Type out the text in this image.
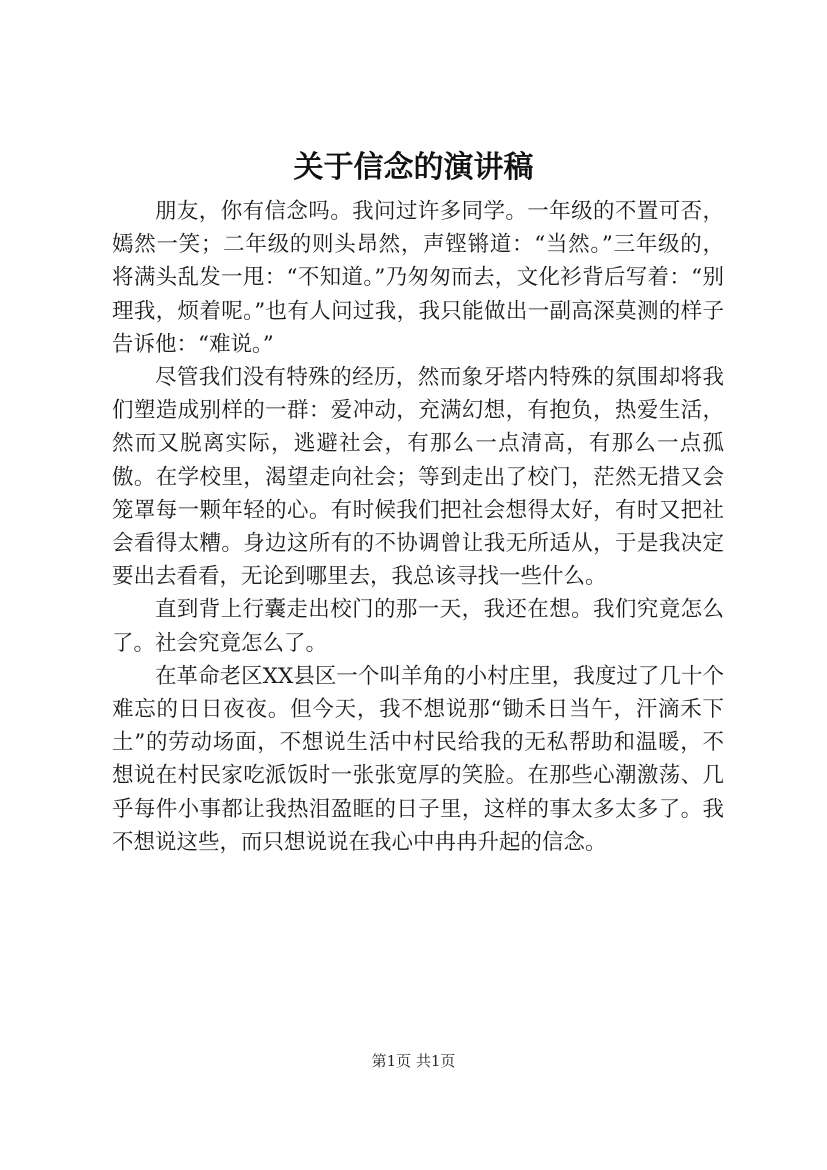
关于信念的演讲稿

朋友，你有信念吗。我问过许多同学。一年级的不置可否，嫣然一笑；二年级的则头昂然，声铿锵道：“当然。”三年级的，将满头乱发一甩：“不知道。”乃匆匆而去，文化衫背后写着：“别理我，烦着呢。”也有人问过我，我只能做出一副高深莫测的样子告诉他：“难说。”

尽管我们没有特殊的经历，然而象牙塔内特殊的氛围却将我们塑造成别样的一群：爱冲动，充满幻想，有抱负，热爱生活，然而又脱离实际，逃避社会，有那么一点清高，有那么一点孤傲。在学校里，渴望走向社会；等到走出了校门，茫然无措又会笼罩每一颗年轻的心。有时候我们把社会想得太好，有时又把社会看得太糟。身边这所有的不协调曾让我无所适从，于是我决定要出去看看，无论到哪里去，我总该寻找一些什么。

直到背上行囊走出校门的那一天，我还在想。我们究竟怎么了。社会究竟怎么了。

在革命老区XX县区一个叫羊角的小村庄里，我度过了几十个难忘的日日夜夜。但今天，我不想说那“锄禾日当午，汗滴禾下土”的劳动场面，不想说生活中村民给我的无私帮助和温暖，不想说在村民家吃派饭时一张张宽厚的笑脸。在那些心潮激荡、几乎每件小事都让我热泪盈眶的日子里，这样的事太多太多了。我不想说这些，而只想说说在我心中冉冉升起的信念。

第1页 共1页
